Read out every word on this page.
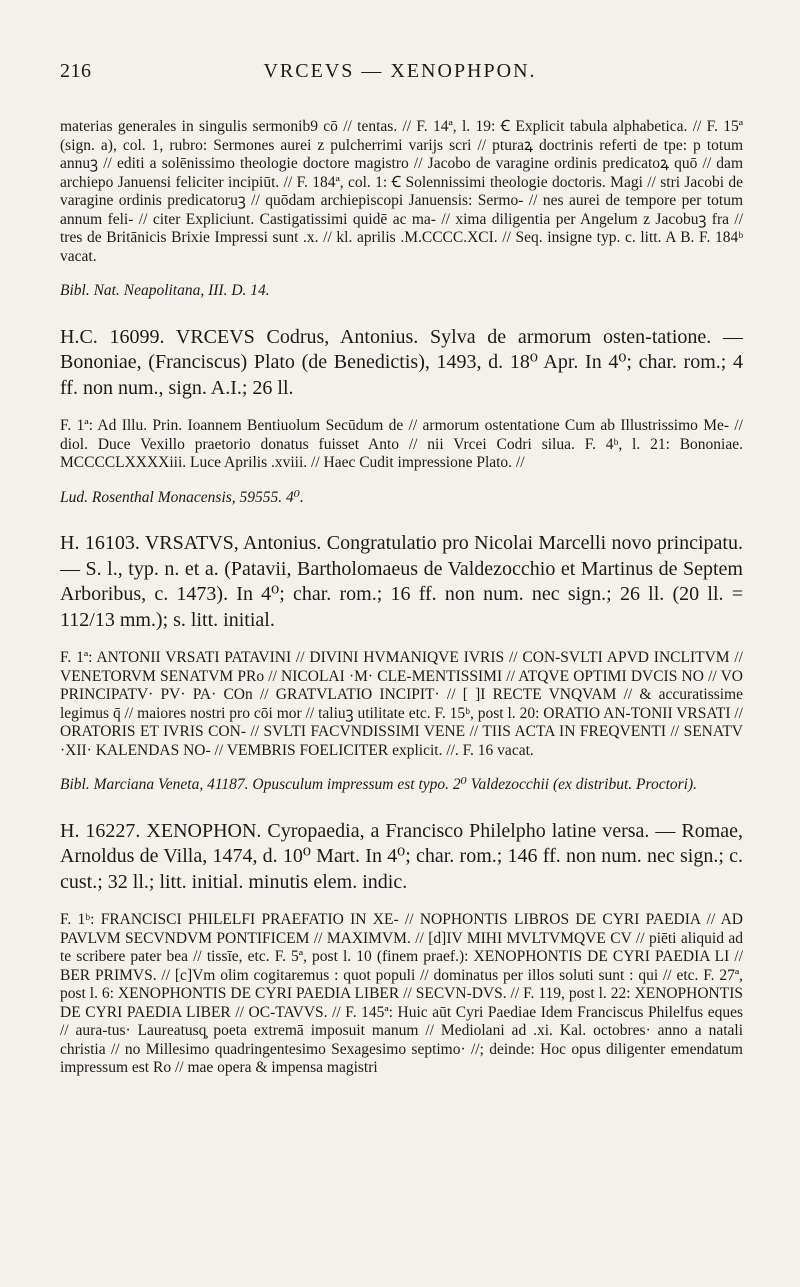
216	VRCEVS — XENOPHPON.

materias generales in singulis sermonib9 cō // tentas. // F. 14ª, l. 19: Ꞓ Explicit tabula alphabetica. // F. 15ª (sign. a), col. 1, rubro: Sermones aurei z pulcherrimi varijs scri // pturaꝝ doctrinis referti de tpe: p totum annuꝫ // editi a solēnissimo theologie doctore magistro // Jacobo de varagine ordinis predicatoꝝ quō // dam archiepo Januensi feliciter incipiūt. // F. 184ª, col. 1: Ꞓ Solennissimi theologie doctoris. Magi // stri Jacobi de varagine ordinis predicatoruꝫ // quōdam archiepiscopi Januensis: Sermo- // nes aurei de tempore per totum annum feli- // citer Expliciunt. Castigatissimi quidē ac ma- // xima diligentia per Angelum z Jacobuꝫ fra // tres de Britānicis Brixie Impressi sunt .x. // kl. aprilis .M.CCCC.XCI. // Seq. insigne typ. c. litt. A B. F. 184ᵇ vacat.

Bibl. Nat. Neapolitana, III. D. 14.

H.C. 16099. VRCEVS Codrus, Antonius. Sylva de armorum osten-tatione. — Bononiae, (Franciscus) Plato (de Benedictis), 1493, d. 18⁰ Apr. In 4⁰; char. rom.; 4 ff. non num., sign. A.I.; 26 ll.

F. 1ª: Ad Illu. Prin. Ioannem Bentiuolum Secūdum de // armorum ostentatione Cum ab Illustrissimo Me- // diol. Duce Vexillo praetorio donatus fuisset Anto // nii Vrcei Codri silua. F. 4ᵇ, l. 21: Bononiae. MCCCCLXXXXiii. Luce Aprilis .xviii. // Haec Cudit impressione Plato. //

Lud. Rosenthal Monacensis, 59555. 4⁰.

H. 16103. VRSATVS, Antonius. Congratulatio pro Nicolai Marcelli novo principatu. — S. l., typ. n. et a. (Patavii, Bartholomaeus de Valdezocchio et Martinus de Septem Arboribus, c. 1473). In 4⁰; char. rom.; 16 ff. non num. nec sign.; 26 ll. (20 ll. = 112/13 mm.); s. litt. initial.

F. 1ª: ANTONII VRSATI PATAVINI // DIVINI HVMANIQVE IVRIS // CON-SVLTI APVD INCLITVM // VENETORVM SENATVM PRo // NICOLAI ·M· CLE-MENTISSIMI // ATQVE OPTIMI DVCIS NO // VO PRINCIPATV· PV· PA· COn // GRATVLATIO INCIPIT· // [ ]I RECTE VNQVAM // & accuratissime legimus q̄ // maiores nostri pro cōi mor // taliuꝫ utilitate etc. F. 15ᵇ, post l. 20: ORATIO AN-TONII VRSATI // ORATORIS ET IVRIS CON- // SVLTI FACVNDISSIMI VENE // TIIS ACTA IN FREQVENTI // SENATV ·XII· KALENDAS NO- // VEMBRIS FOELICITER explicit. //. F. 16 vacat.

Bibl. Marciana Veneta, 41187. Opusculum impressum est typo. 2⁰ Valdezocchii (ex distribut. Proctori).

H. 16227. XENOPHON. Cyropaedia, a Francisco Philelpho latine versa. — Romae, Arnoldus de Villa, 1474, d. 10⁰ Mart. In 4⁰; char. rom.; 146 ff. non num. nec sign.; c. cust.; 32 ll.; litt. initial. minutis elem. indic.

F. 1ᵇ: FRANCISCI PHILELFI PRAEFATIO IN XE- // NOPHONTIS LIBROS DE CYRI PAEDIA // AD PAVLVM SECVNDVM PONTIFICEM // MAXIMVM. // [d]IV MIHI MVLTVMQVE CV // piēti aliquid ad te scribere pater bea // tissīe, etc. F. 5ª, post l. 10 (finem praef.): XENOPHONTIS DE CYRI PAEDIA LI // BER PRIMVS. // [c]Vm olim cogitaremus : quot populi // dominatus per illos soluti sunt : qui // etc. F. 27ª, post l. 6: XENOPHONTIS DE CYRI PAEDIA LIBER // SECVN-DVS. // F. 119, post l. 22: XENOPHONTIS DE CYRI PAEDIA LIBER // OC-TAVVS. // F. 145ª: Huic aūt Cyri Paediae Idem Franciscus Philelfus eques // aura-tus· Laureatusq̧ poeta extremā imposuit manum // Mediolani ad .xi. Kal. octobres· anno a natali christia // no Millesimo quadringentesimo Sexagesimo septimo· //; deinde: Hoc opus diligenter emendatum impressum est Ro // mae opera & impensa magistri
